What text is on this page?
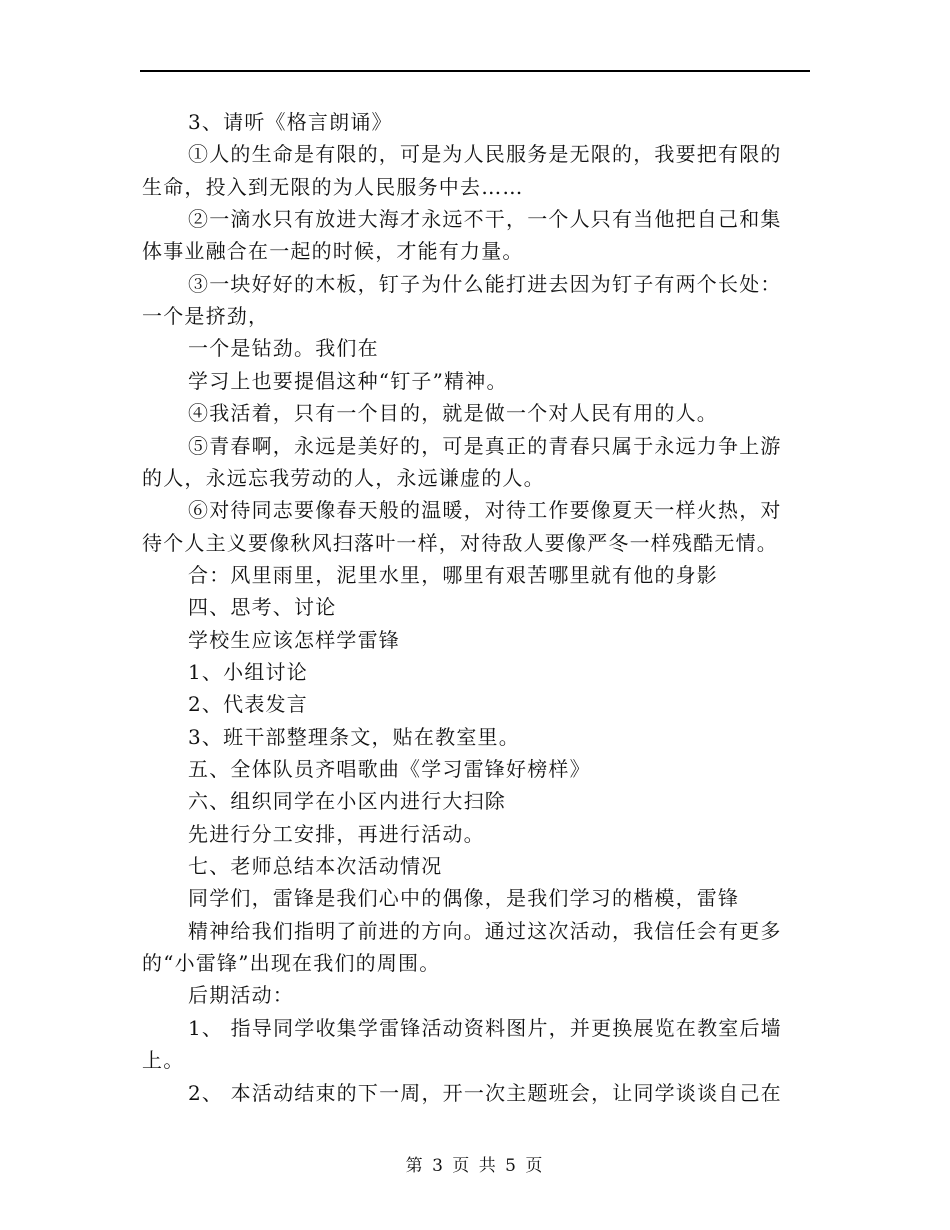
3、请听《格言朗诵》
①人的生命是有限的，可是为人民服务是无限的，我要把有限的
生命，投入到无限的为人民服务中去……
②一滴水只有放进大海才永远不干，一个人只有当他把自己和集
体事业融合在一起的时候，才能有力量。
③一块好好的木板，钉子为什么能打进去因为钉子有两个长处：
一个是挤劲，
一个是钻劲。我们在
学习上也要提倡这种“钉子”精神。
④我活着，只有一个目的，就是做一个对人民有用的人。
⑤青春啊，永远是美好的，可是真正的青春只属于永远力争上游
的人，永远忘我劳动的人，永远谦虚的人。
⑥对待同志要像春天般的温暖，对待工作要像夏天一样火热，对
待个人主义要像秋风扫落叶一样，对待敌人要像严冬一样残酷无情。
合：风里雨里，泥里水里，哪里有艰苦哪里就有他的身影
四、思考、讨论
学校生应该怎样学雷锋
1、小组讨论
2、代表发言
3、班干部整理条文，贴在教室里。
五、全体队员齐唱歌曲《学习雷锋好榜样》
六、组织同学在小区内进行大扫除
先进行分工安排，再进行活动。
七、老师总结本次活动情况
同学们，雷锋是我们心中的偶像，是我们学习的楷模，雷锋
精神给我们指明了前进的方向。通过这次活动，我信任会有更多
的“小雷锋”出现在我们的周围。
后期活动：
1、 指导同学收集学雷锋活动资料图片，并更换展览在教室后墙
上。
2、 本活动结束的下一周，开一次主题班会，让同学谈谈自己在
第 3 页 共 5 页
